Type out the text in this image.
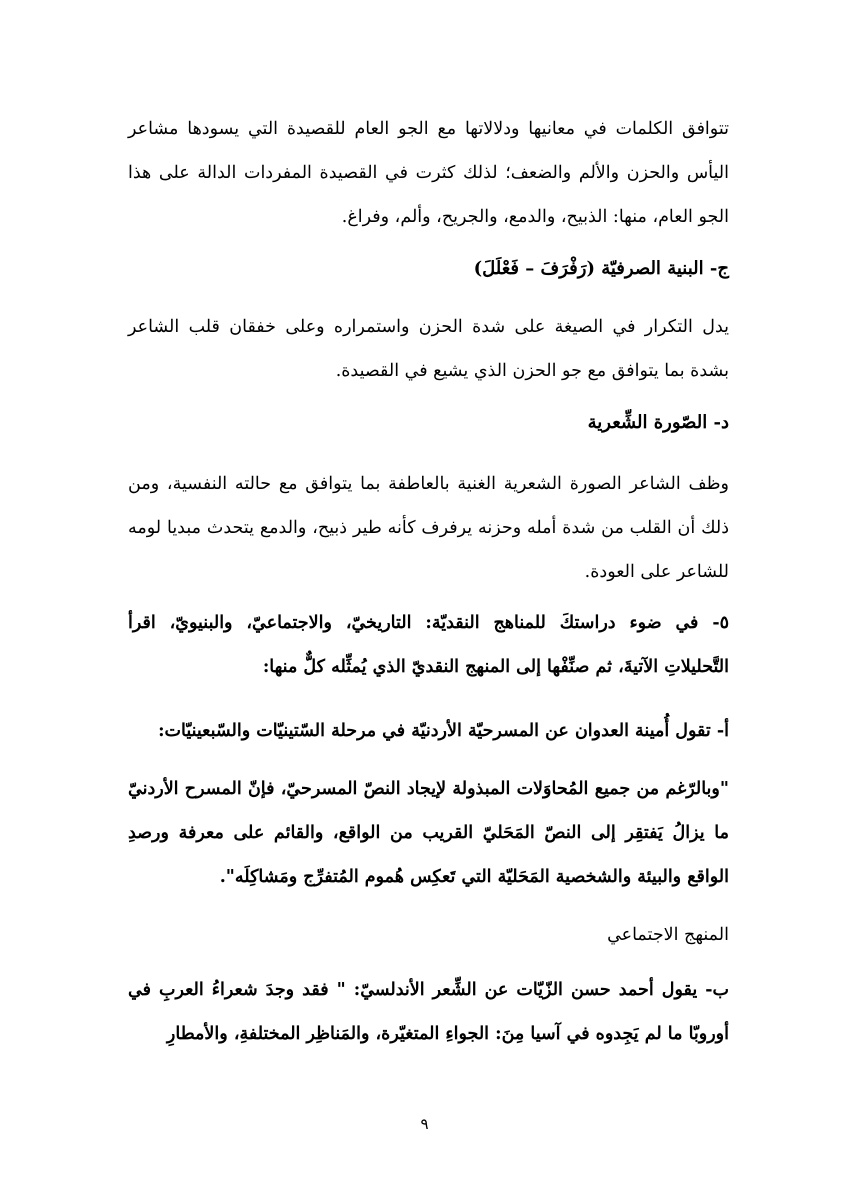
تتوافق الكلمات في معانيها ودلالاتها مع الجو العام للقصيدة التي يسودها مشاعر اليأس والحزن والألم والضعف؛ لذلك كثرت في القصيدة المفردات الدالة على هذا الجو العام، منها: الذبيح، والدمع، والجريح، وألم، وفراغ.

ج- البنية الصرفيّة (رَفْرَفَ – فَعْلَلَ)

يدل التكرار في الصيغة على شدة الحزن واستمراره وعلى خفقان قلب الشاعر بشدة بما يتوافق مع جو الحزن الذي يشيع في القصيدة.

د- الصّورة الشِّعرية

وظف الشاعر الصورة الشعرية الغنية بالعاطفة بما يتوافق مع حالته النفسية، ومن ذلك أن القلب من شدة أمله وحزنه يرفرف كأنه طير ذبيح، والدمع يتحدث مبديا لومه للشاعر على العودة.

٥- في ضوء دراستكَ للمناهج النقديّة: التاريخيّ، والاجتماعيّ، والبنيويّ، اقرأ التَّحليلاتِ الآتيةَ، ثم صنِّفْها إلى المنهج النقديّ الذي يُمثِّله كلٌّ منها:

أ- تقول أُمينة العدوان عن المسرحيّة الأردنيّة في مرحلة السّتينيّات والسّبعينيّات:

"وبالرّغم من جميع المُحاوَلات المبذولة لإيجاد النصّ المسرحيّ، فإنّ المسرح الأردنيّ ما يزالُ يَفتقِر إلى النصّ المَحَليّ القريب من الواقع، والقائم على معرفة ورصدِ الواقع والبيئة والشخصية المَحَليّة التي تَعكِس هُموم المُتفرِّج ومَشاكِلَه".

المنهج الاجتماعي

ب- يقول أحمد حسن الزّيّات عن الشِّعر الأندلسيّ: " فقد وجدَ شعراءُ العربِ في أوروبّا ما لم يَجِدوه في آسيا مِنَ: الجواءِ المتغيّرة، والمَناظِر المختلفةِ، والأمطارِ

٩
